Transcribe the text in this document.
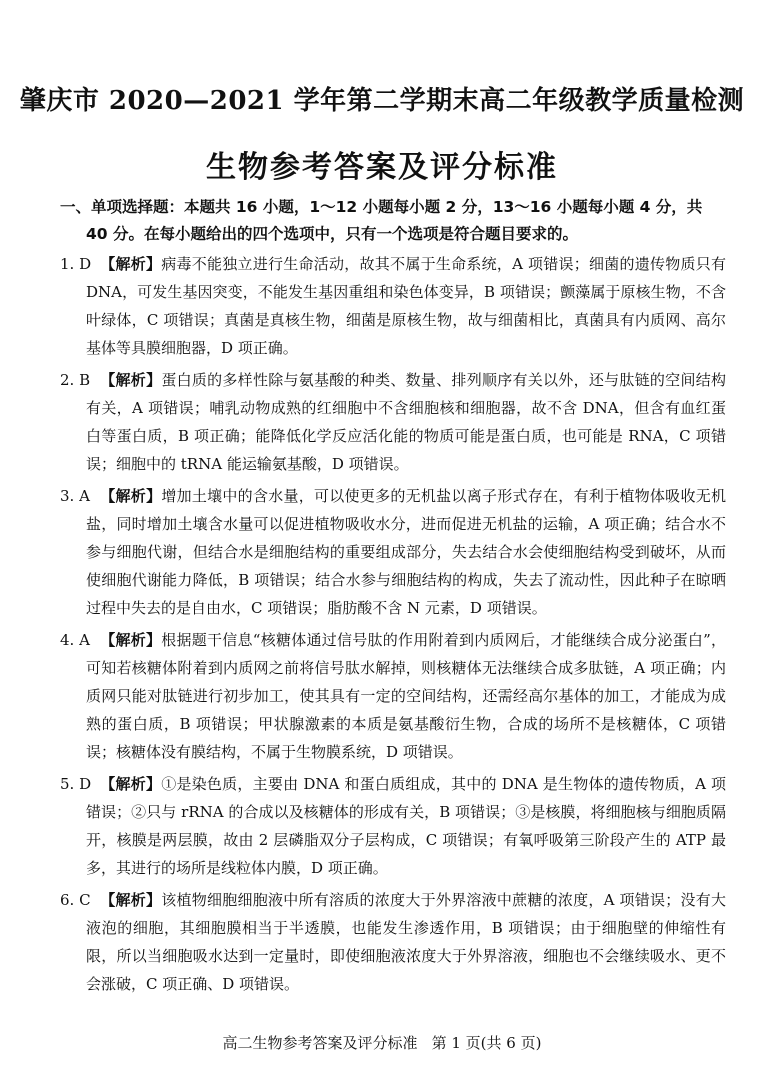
肇庆市 2020—2021 学年第二学期末高二年级教学质量检测
生物参考答案及评分标准
一、单项选择题：本题共 16 小题，1～12 小题每小题 2 分，13～16 小题每小题 4 分，共 40 分。在每小题给出的四个选项中，只有一个选项是符合题目要求的。
1. D 【解析】病毒不能独立进行生命活动，故其不属于生命系统，A 项错误；细菌的遗传物质只有 DNA，可发生基因突变，不能发生基因重组和染色体变异，B 项错误；颤藻属于原核生物，不含叶绿体，C 项错误；真菌是真核生物，细菌是原核生物，故与细菌相比，真菌具有内质网、高尔基体等具膜细胞器，D 项正确。
2. B 【解析】蛋白质的多样性除与氨基酸的种类、数量、排列顺序有关以外，还与肽链的空间结构有关，A 项错误；哺乳动物成熟的红细胞中不含细胞核和细胞器，故不含 DNA，但含有血红蛋白等蛋白质，B 项正确；能降低化学反应活化能的物质可能是蛋白质，也可能是 RNA，C 项错误；细胞中的 tRNA 能运输氨基酸，D 项错误。
3. A 【解析】增加土壤中的含水量，可以使更多的无机盐以离子形式存在，有利于植物体吸收无机盐，同时增加土壤含水量可以促进植物吸收水分，进而促进无机盐的运输，A 项正确；结合水不参与细胞代谢，但结合水是细胞结构的重要组成部分，失去结合水会使细胞结构受到破坏，从而使细胞代谢能力降低，B 项错误；结合水参与细胞结构的构成，失去了流动性，因此种子在晾晒过程中失去的是自由水，C 项错误；脂肪酸不含 N 元素，D 项错误。
4. A 【解析】根据题干信息“核糖体通过信号肽的作用附着到内质网后，才能继续合成分泌蛋白”，可知若核糖体附着到内质网之前将信号肽水解掉，则核糖体无法继续合成多肽链，A 项正确；内质网只能对肽链进行初步加工，使其具有一定的空间结构，还需经高尔基体的加工，才能成为成熟的蛋白质，B 项错误；甲状腺激素的本质是氨基酸衍生物，合成的场所不是核糖体，C 项错误；核糖体没有膜结构，不属于生物膜系统，D 项错误。
5. D 【解析】①是染色质，主要由 DNA 和蛋白质组成，其中的 DNA 是生物体的遗传物质，A 项错误；②只与 rRNA 的合成以及核糖体的形成有关，B 项错误；③是核膜，将细胞核与细胞质隔开，核膜是两层膜，故由 2 层磷脂双分子层构成，C 项错误；有氧呼吸第三阶段产生的 ATP 最多，其进行的场所是线粒体内膜，D 项正确。
6. C 【解析】该植物细胞细胞液中所有溶质的浓度大于外界溶液中蔗糖的浓度，A 项错误；没有大液泡的细胞，其细胞膜相当于半透膜，也能发生渗透作用，B 项错误；由于细胞壁的伸缩性有限，所以当细胞吸水达到一定量时，即使细胞液浓度大于外界溶液，细胞也不会继续吸水、更不会涨破，C 项正确、D 项错误。
高二生物参考答案及评分标准 第 1 页(共 6 页)
